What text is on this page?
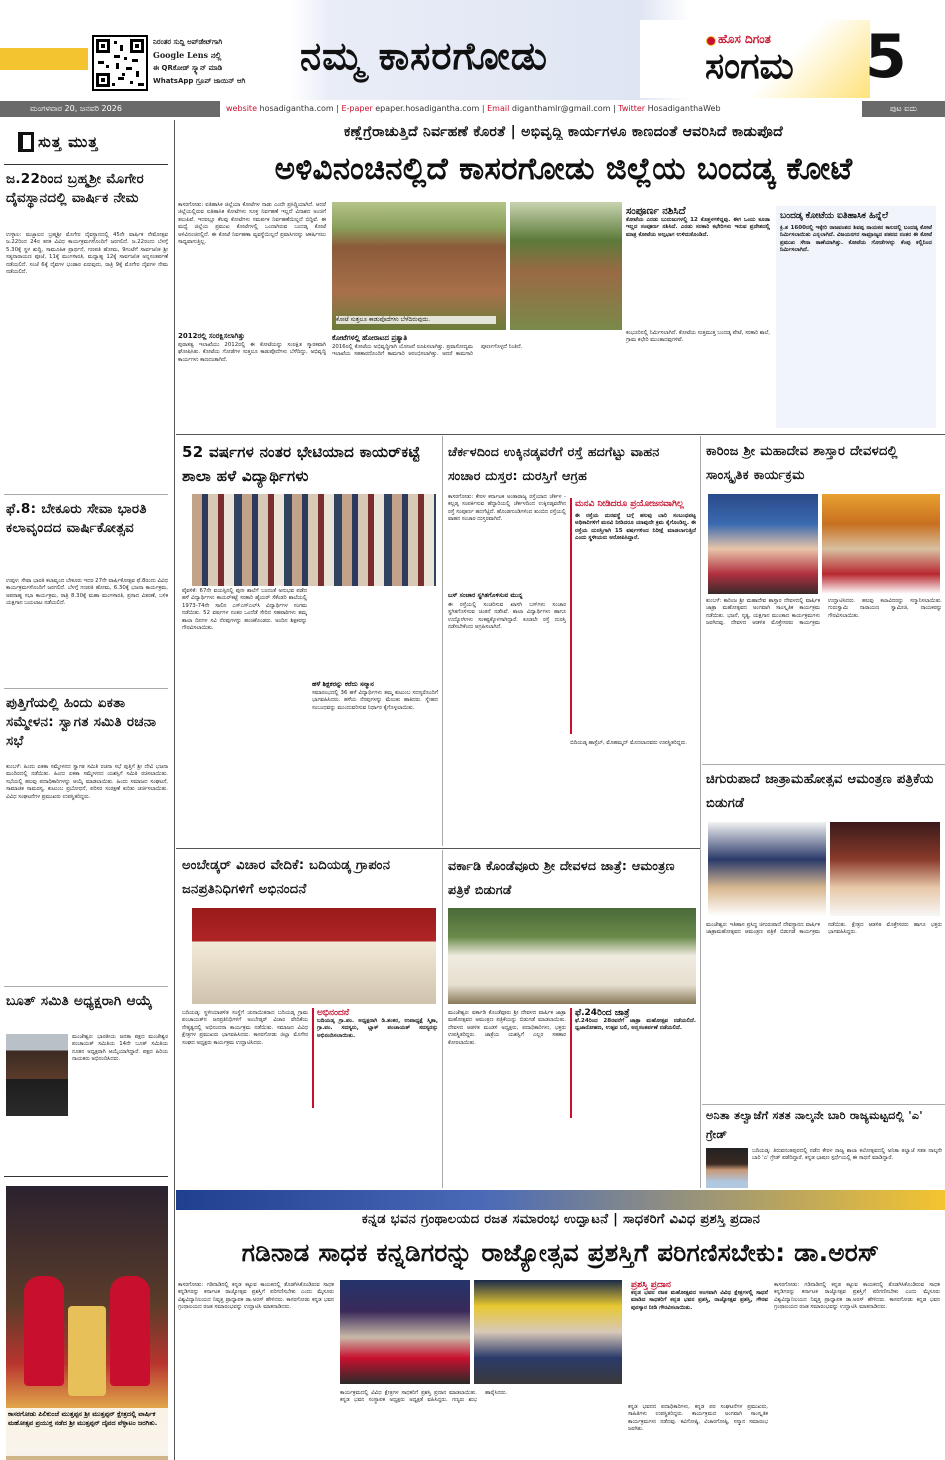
ನಿರಂತರ ಸುದ್ದಿ ಅಪ್‌ಡೇಟ್‌ಗಾಗಿ
Google Lens ನಲ್ಲಿ
ಈ QRಕೋಡ್ ಸ್ಕ್ಯಾನ್ ಮಾಡಿ
WhatsApp ಗ್ರೂಪ್ ಜಾಯಿನ್ ಆಗಿ
ನಮ್ಮ ಕಾಸರಗೋಡು	ಹೊಸ ದಿಗಂತ
ಸಂಗಮ 5
ಮಂಗಳವಾರ 20, ಜನವರಿ 2026	website hosadigantha.com | E-paper epaper.hosadigantha.com | Email diganthamlr@gmail.com | Twitter HosadiganthaWeb	ಪುಟ ಐದು
ಸುತ್ತ ಮುತ್ತ
ಜ.22ರಿಂದ ಬ್ರಹ್ಮಶ್ರೀ ಮೊಗೇರ ದೈವಸ್ಥಾನದಲ್ಲಿ ವಾರ್ಷಿಕ ನೇಮ
ಉಳ್ಳಾಲ: ಮಜ್ಜಾಲದ ಬ್ರಹ್ಮಶ್ರೀ ಮೊಗೇರ ದೈವಸ್ಥಾನದಲ್ಲಿ 45ನೇ ವಾರ್ಷಿಕ ನೇಮೋತ್ಸವ ಜ.22ರಿಂದ 24ರ ತನಕ ವಿವಿಧ ಕಾರ್ಯಕ್ರಮಗಳೊಂದಿಗೆ ಜರಗಲಿದೆ. ಜ.22ರಂದು ಬೆಳಗ್ಗೆ 5.30ಕ್ಕೆ ಸ್ಥಳ ಶುದ್ಧಿ, ಸಾಮೂಹಿಕ ಪ್ರಾರ್ಥನೆ, ಗಣಪತಿ ಹೋಮ, 9ಗಂಟೆಗೆ ಸಾರ್ವಜನಿಕ ಶ್ರೀ ಸತ್ಯನಾರಾಯಣ ಪೂಜೆ, 11ಕ್ಕೆ ಮಂಗಳಾರತಿ, ಮಧ್ಯಾಹ್ನ 12ಕ್ಕೆ ಸಾರ್ವಜನಿಕ ಅನ್ನಸಂತರ್ಪಣೆ ನಡೆಯಲಿದೆ. ಸಂಜೆ 6ಕ್ಕೆ ದೈವಗಳ ಭಂಡಾರ ಏರುವುದು, ರಾತ್ರಿ 9ಕ್ಕೆ ಮೊಗೇರ ದೈವಗಳ ನೇಮ ನಡೆಯಲಿದೆ.
ಫೆ.8: ಬೇಕೂರು ಸೇವಾ ಭಾರತಿ ಕಲಾವೃಂದದ ವಾರ್ಷಿಕೋತ್ಸವ
ಉಪ್ಪಳ: ಸೇವಾ ಭಾರತಿ ಕಲಾವೃಂದ ಬೇಕೂರು ಇದರ 27ನೇ ವಾರ್ಷಿಕೋತ್ಸವ ಫೆ.8ರಂದು ವಿವಿಧ ಕಾರ್ಯಕ್ರಮಗಳೊಂದಿಗೆ ಜರಗಲಿದೆ. ಬೆಳಗ್ಗೆ ಗಣಪತಿ ಹೋಮ, 6.30ಕ್ಕೆ ಭಜನಾ ಕಾರ್ಯಕ್ರಮ, ಅಪರಾಹ್ನ ಸಭಾ ಕಾರ್ಯಕ್ರಮ, ರಾತ್ರಿ 8.30ಕ್ಕೆ ಮಹಾ ಮಂಗಳಾರತಿ, ಪ್ರಸಾದ ವಿತರಣೆ, ಬಳಿಕ ಯಕ್ಷಗಾನ ಬಯಲಾಟ ನಡೆಯಲಿದೆ.
ಪುತ್ತಿಗೆಯಲ್ಲಿ ಹಿಂದು ಏಕತಾ ಸಮ್ಮೇಳನ: ಸ್ವಾಗತ ಸಮಿತಿ ರಚನಾ ಸಭೆ
ಕುಂಬಳೆ: ಹಿಂದು ಏಕತಾ ಸಮ್ಮೇಳನದ ಸ್ವಾಗತ ಸಮಿತಿ ರಚನಾ ಸಭೆ ಪುತ್ತಿಗೆ ಶ್ರೀ ದೇವಿ ಭಜನಾ ಮಂದಿರದಲ್ಲಿ ನಡೆಯಿತು. ಹಿಂದು ಏಕತಾ ಸಮ್ಮೇಳನದ ಯಶಸ್ಸಿಗೆ ಸಮಿತಿ ರಚಿಸಲಾಯಿತು. ಸಭೆಯಲ್ಲಿ ಹಲವು ಪದಾಧಿಕಾರಿಗಳನ್ನು ಆಯ್ಕೆ ಮಾಡಲಾಯಿತು. ಹಿಂದು ಸಮಾಜದ ಸಂಘಟನೆ, ಸಾಮಾಜಿಕ ಸಾಮರಸ್ಯ, ಕುಟುಂಬ ಪ್ರಬೋಧನೆ, ಪರಿಸರ ಸಂರಕ್ಷಣೆ ಕುರಿತು ಚರ್ಚಿಸಲಾಯಿತು. ವಿವಿಧ ಸಂಘಟನೆಗಳ ಪ್ರಮುಖರು ಉಪಸ್ಥಿತರಿದ್ದರು.
ಬೂತ್ ಸಮಿತಿ ಅಧ್ಯಕ್ಷರಾಗಿ ಆಯ್ಕೆ
ಮಂಜೇಶ್ವರ: ಭಾರತೀಯ ಜನತಾ ಪಕ್ಷದ ಮಂಜೇಶ್ವರ ಪಂಚಾಯತ್ ಸಮಿತಿಯ 14ನೇ ಬೂತ್ ಸಮಿತಿಯ ನೂತನ ಅಧ್ಯಕ್ಷರಾಗಿ ಆಯ್ಕೆಯಾಗಿದ್ದಾರೆ. ಪಕ್ಷದ ಹಿರಿಯ ನಾಯಕರು ಅಭಿನಂದಿಸಿದರು.
ಕಾಸರಗೋಡು ಪಿಲಿಕುಂಜೆ ಮುತ್ತಪ್ಪನ ಶ್ರೀ ಮುತ್ತಪ್ಪನ್ ಕ್ಷೇತ್ರದಲ್ಲಿ ವಾರ್ಷಿಕ ಮಹೋತ್ಸವ ಪ್ರಯುಕ್ತ ನಡೆದ ಶ್ರೀ ಮುತ್ತಪ್ಪನ್ ದೈವದ ವೆಳ್ಳಾಟಂ ಜರಗಿತು.
ಕಣ್ಣೆಗ್ರೆರಾಚುತ್ತಿದೆ ನಿರ್ವಹಣೆ ಕೊರತೆ | ಅಭಿವೃದ್ಧಿ ಕಾರ್ಯಗಳೂ ಕಾಣದಂತೆ ಆವರಿಸಿದೆ ಕಾಡುಪೊದೆ
ಅಳಿವಿನಂಚಿನಲ್ಲಿದೆ ಕಾಸರಗೋಡು ಜಿಲ್ಲೆಯ ಬಂದಡ್ಕ ಕೋಟೆ
ಕಾಸರಗೋಡು: ಐತಿಹಾಸಿಕ ಜಿಲ್ಲೆಯಾ ಕೋಟೆಗಳ ನಾಡು ಎಂದೇ ಪ್ರಸಿದ್ಧಿಯಾಗಿದೆ. ಆದರೆ ಜಿಲ್ಲೆಯಲ್ಲಿರುವ ಐತಿಹಾಸಿಕ ಕೋಟೆಗಳು ಸೂಕ್ತ ನಿರ್ವಹಣೆ ಇಲ್ಲದೆ ವಿನಾಶದ ಅಂಚಿಗೆ ತಲುಪಿವೆ. ಇದರಲ್ಲೂ ಕೆಲವು ಕೋಟೆಗಳು ಸಮರ್ಪಕ ನಿರ್ವಹಣೆಯಿಲ್ಲದೆ ಬಿದ್ದಿವೆ. ಈ ಮಧ್ಯೆ ಜಿಲ್ಲೆಯ ಪ್ರಮುಖ ಕೋಟೆಗಳಲ್ಲಿ ಒಂದಾಗಿರುವ ಬಂದಡ್ಕ ಕೋಟೆ ಅಳಿವಿನಂಚಿನಲ್ಲಿದೆ. ಈ ಕೋಟೆ ನಿರ್ವಹಣಾ ವ್ಯವಸ್ಥೆಯಿಲ್ಲದೆ ಪ್ರವಾಸಿಗರನ್ನು ಆಕರ್ಷಿಸಲು ಸಾಧ್ಯವಾಗುತ್ತಿಲ್ಲ.
2012ರಲ್ಲಿ ಸಂರಕ್ಷಿಸಲಾಗಿತ್ತು
ಪುರಾತತ್ವ ಇಲಾಖೆಯು 2012ರಲ್ಲಿ ಈ ಕೋಟೆಯನ್ನು ಸಂರಕ್ಷಿತ ಸ್ಮಾರಕವಾಗಿ ಘೋಷಿಸಿತು. ಕೋಟೆಯ ಗೋಡೆಗಳ ಸುತ್ತಲೂ ಕಾಡುಪೊದೆಗಳು ಬೆಳೆದಿದ್ದು, ಅಭಿವೃದ್ಧಿ ಕಾರ್ಯಗಳು ಕಾಣದಂತಾಗಿದೆ.
ಕೋಟೆ ಸುತ್ತಲೂ ಕಾಡುಪೊದೆಗಳು ಬೆಳೆದಿರುವುದು.
ಕೋಟೆಗಳಲ್ಲಿ ಹೋರಾಟದ ಪ್ರತ್ಯಾತಿ
2016ರಲ್ಲಿ ಕೋಟೆಯ ಅಭಿವೃದ್ಧಿಗಾಗಿ ಯೋಜನೆ ರೂಪಿಸಲಾಗಿತ್ತು. ಪ್ರವಾಸೋದ್ಯಮ ಇಲಾಖೆಯ ಸಹಕಾರದೊಂದಿಗೆ ಕಾಮಗಾರಿ ಆರಂಭಿಸಲಾಗಿತ್ತು. ಆದರೆ ಕಾಮಗಾರಿ ಪೂರ್ಣಗೊಳ್ಳದೆ ನಿಂತಿದೆ.
ಸಂಪೂರ್ಣ ನಶಿಸಿದೆ
ಕೋಟೆಯ ಎರಡು ಬುರುಜುಗಳಲ್ಲಿ 12 ಕೊತ್ತಳಗಳಿದ್ದವು. ಈಗ ಒಂದು ಕೂಡಾ ಇಲ್ಲದ ಸಂಪೂರ್ಣ ನಶಿಸಿದೆ. ಎರಡು ಸರಕಾರಿ ಕಛೇರಿಗಳು ಇರುವ ಪ್ರದೇಶದಲ್ಲಿ ಮಾತ್ರ ಕೋಟೆಯ ಅಲ್ಪಭಾಗ ಉಳಿದುಕೊಂಡಿದೆ.
ಕಂಭೂರಿನಲ್ಲಿ ನಿರ್ಮಿಸಲಾಗಿದೆ. ಕೋಟೆಯ ಸುತ್ತಮುತ್ತ ಬಂದಡ್ಕ ಪೇಟೆ, ಸರಕಾರಿ ಶಾಲೆ, ಗ್ರಾಮ ಕಛೇರಿ ಮುಂತಾದವುಗಳಿವೆ.
ಬಂದಡ್ಕ ಕೋಟೆಯ ಐತಿಹಾಸಿಕ ಹಿನ್ನೆಲೆ
ಕ್ರಿ.ಶ 1600ರಲ್ಲಿ ಇಕ್ಕೇರಿ ರಾಜವಂಶದ ಶಿವಪ್ಪ ನಾಯಕನ ಕಾಲದಲ್ಲಿ ಬಂದಡ್ಕ ಕೋಟೆ ನಿರ್ಮಿಸಲಾಯಿತು ಎನ್ನಲಾಗಿದೆ. ವಿಜಯನಗರ ಸಾಮ್ರಾಜ್ಯದ ಪತನದ ನಂತರ ಈ ಕೋಟೆ ಪ್ರಮುಖ ಸೇನಾ ಠಾಣೆಯಾಗಿತ್ತು. ಕೋಟೆಯ ಗೋಡೆಗಳನ್ನು ಕೆಂಪು ಕಲ್ಲಿನಿಂದ ನಿರ್ಮಿಸಲಾಗಿದೆ.
52 ವರ್ಷಗಳ ನಂತರ ಭೇಟಿಯಾದ ಕಾಯರ್‌ಕಟ್ಟೆ ಶಾಲಾ ಹಳೆ ವಿದ್ಯಾರ್ಥಿಗಳು
ಪೈವಳಿಕೆ: 67ನೇ ವಯಸ್ಸಿನಲ್ಲಿ ಪುನಃ ಶಾಲೆಗೆ ಬಂದಂತೆ ಅನುಭವ ಪಡೆದ ಹಳೆ ವಿದ್ಯಾರ್ಥಿಗಳು ಕಾಯರ್‌ಕಟ್ಟೆ ಸರಕಾರಿ ಹೈಯರ್ ಸೆಕೆಂಡರಿ ಶಾಲೆಯಲ್ಲಿ 1973-74ನೇ ಸಾಲಿನ ಎಸ್ಎಸ್ಎಲ್‌ಸಿ ವಿದ್ಯಾರ್ಥಿಗಳ ಸಂಗಮ ನಡೆಯಿತು. 52 ವರ್ಷಗಳ ನಂತರ ಒಂದೆಡೆ ಸೇರಿದ ಸಹಪಾಠಿಗಳು ತಮ್ಮ ಶಾಲಾ ದಿನಗಳ ಸವಿ ನೆನಪುಗಳನ್ನು ಹಂಚಿಕೊಂಡರು. ಅಂದಿನ ಶಿಕ್ಷಕರನ್ನು ಗೌರವಿಸಲಾಯಿತು.
ಹಳೆ ಶಿಕ್ಷಕರನ್ನು ಕರೆದು ಸನ್ಮಾನ
ಸಮಾರಂಭದಲ್ಲಿ 36 ಹಳೆ ವಿದ್ಯಾರ್ಥಿಗಳು ತಮ್ಮ ಕುಟುಂಬ ಸದಸ್ಯರೊಂದಿಗೆ ಭಾಗವಹಿಸಿದರು. ಹಳೆಯ ನೆನಪುಗಳನ್ನು ಮೆಲುಕು ಹಾಕಿದರು. ಸ್ನೇಹದ ಸಂಬಂಧವನ್ನು ಮುಂದುವರಿಸುವ ನಿರ್ಧಾರ ಕೈಗೊಳ್ಳಲಾಯಿತು.
ಚೆರ್ಕಳದಿಂದ ಉಕ್ಕಿನಡ್ಕವರೆಗೆ ರಸ್ತೆ ಹದಗೆಟ್ಟು ವಾಹನ ಸಂಚಾರ ದುಸ್ತರ: ದುರಸ್ತಿಗೆ ಆಗ್ರಹ
ಕಾಸರಗೋಡು: ಕೇರಳ ಕರ್ನಾಟಕ ಅಂತಾರಾಜ್ಯ ರಸ್ತೆಯಾದ ಚೆರ್ಕಳ - ಕಲ್ಲಡ್ಕ ಸಂಪರ್ಕಿಸುವ ಹೆದ್ದಾರಿಯಲ್ಲಿ ಚೆರ್ಕಳದಿಂದ ಉಕ್ಕಿನಡ್ಕವರೆಗಿನ ರಸ್ತೆ ಸಂಪೂರ್ಣ ಹದಗೆಟ್ಟಿದೆ. ಹೊಂಡಗುಂಡಿಗಳಿಂದ ತುಂಬಿದ ರಸ್ತೆಯಲ್ಲಿ ವಾಹನ ಸಂಚಾರ ದುಸ್ತರವಾಗಿದೆ.
ಬಸ್ ಸಂಚಾರ ಸ್ಥಗಿತಗೊಳಿಸುವ ಮುನ್ನ
ಈ ರಸ್ತೆಯಲ್ಲಿ ಸಂಚರಿಸುವ ಖಾಸಗಿ ಬಸ್‌ಗಳು ಸಂಚಾರ ಸ್ಥಗಿತಗೊಳಿಸುವ ಚಿಂತನೆ ನಡೆಸಿವೆ. ಶಾಲಾ ವಿದ್ಯಾರ್ಥಿಗಳು ಹಾಗೂ ಉದ್ಯೋಗಿಗಳು ಸಂಕಷ್ಟಕ್ಕೊಳಗಾಗಿದ್ದಾರೆ. ಕೂಡಲೇ ರಸ್ತೆ ದುರಸ್ತಿ ನಡೆಸಬೇಕೆಂದು ಆಗ್ರಹಿಸಲಾಗಿದೆ.
ಮನವಿ ನೀಡಿದರೂ ಪ್ರಯೋಜನವಾಗಿಲ್ಲ
ಈ ರಸ್ತೆಯ ದುರವಸ್ಥೆ ಬಗ್ಗೆ ಹಲವು ಬಾರಿ ಸಂಬಂಧಪಟ್ಟ ಅಧಿಕಾರಿಗಳಿಗೆ ಮನವಿ ನೀಡಿದರೂ ಯಾವುದೇ ಕ್ರಮ ಕೈಗೊಂಡಿಲ್ಲ. ಈ ರಸ್ತೆಯ ದುರಸ್ತಿಗಾಗಿ 15 ವರ್ಷಗಳಿಂದ ನಿರೀಕ್ಷೆ ಮಾಡಲಾಗುತ್ತಿದೆ ಎಂದು ಸ್ಥಳೀಯರು ಆರೋಪಿಸಿದ್ದಾರೆ.
ಬಿದಿಯಡ್ಕ ಹಾಸ್ಟೆಲ್, ಮೊಹಮ್ಮದ್ ಮೊದಲಾದವರು ಉಪಸ್ಥಿತರಿದ್ದರು.
ಕಾರಿಂಜ ಶ್ರೀ ಮಹಾದೇವ ಶಾಸ್ತಾರ ದೇವಳದಲ್ಲಿ ಸಾಂಸ್ಕೃತಿಕ ಕಾರ್ಯಕ್ರಮ
ಕುಂಬಳೆ: ಕಾರಿಂಜ ಶ್ರೀ ಮಹಾದೇವ ಶಾಸ್ತಾರ ದೇವಳದಲ್ಲಿ ವಾರ್ಷಿಕ ಜಾತ್ರಾ ಮಹೋತ್ಸವದ ಅಂಗವಾಗಿ ಸಾಂಸ್ಕೃತಿಕ ಕಾರ್ಯಕ್ರಮ ನಡೆಯಿತು. ಭಜನೆ, ನೃತ್ಯ, ಯಕ್ಷಗಾನ ಮುಂತಾದ ಕಾರ್ಯಕ್ರಮಗಳು ಜರಗಿದವು. ದೇವಳದ ಆಡಳಿತ ಮೊಕ್ತೇಸರರು ಕಾರ್ಯಕ್ರಮ ಉದ್ಘಾಟಿಸಿದರು. ಹಲವು ಕಲಾವಿದರನ್ನು ಸನ್ಮಾನಿಸಲಾಯಿತು. ಗುರುಸ್ವಾಮಿ ನಾರಾಯಣ ಸ್ವಾಮೀಜಿ, ನಾಯಕರನ್ನು ಗೌರವಿಸಲಾಯಿತು.
ಚಿಗುರುಪಾದೆ ಜಾತ್ರಾಮಹೋತ್ಸವ ಆಮಂತ್ರಣ ಪತ್ರಿಕೆಯ ಬಿಡುಗಡೆ
ಅಂಬೇಡ್ಕರ್ ವಿಚಾರ ವೇದಿಕೆ: ಬದಿಯಡ್ಕ ಗ್ರಾಪಂನ ಜನಪ್ರತಿನಿಧಿಗಳಿಗೆ ಅಭಿನಂದನೆ
ಬದಿಯಡ್ಕ: ಸ್ಥಳೀಯಾಡಳಿತ ಸಂಸ್ಥೆಗೆ ಚುನಾಯಿತರಾದ ಬದಿಯಡ್ಕ ಗ್ರಾಮ ಪಂಚಾಯತ್‌ನ ಜನಪ್ರತಿನಿಧಿಗಳಿಗೆ ಅಂಬೇಡ್ಕರ್ ವಿಚಾರ ವೇದಿಕೆಯ ನೇತೃತ್ವದಲ್ಲಿ ಅಭಿನಂದನಾ ಕಾರ್ಯಕ್ರಮ ನಡೆಯಿತು. ಸಮಾಜದ ವಿವಿಧ ಕ್ಷೇತ್ರಗಳ ಪ್ರಮುಖರು ಭಾಗವಹಿಸಿದರು. ಕಾಸರಗೋಡು ಜಿಲ್ಲಾ ಮೊಗೇರ ಸಂಘದ ಅಧ್ಯಕ್ಷರು ಕಾರ್ಯಕ್ರಮ ಉದ್ಘಾಟಿಸಿದರು.
ಅಭಿನಂದನೆ
ಬದಿಯಡ್ಕ ಗ್ರಾ.ಪಂ. ಅಧ್ಯಕ್ಷರಾಗಿ ಡಿ.ಶಂಕರ, ಉಪಾಧ್ಯಕ್ಷೆ ಸ್ಮಿತಾ, ಗ್ರಾ.ಪಂ. ಸದಸ್ಯರು, ಬ್ಲಾಕ್ ಪಂಚಾಯತ್ ಸದಸ್ಯರನ್ನು ಅಭಿನಂದಿಸಲಾಯಿತು.
ವರ್ಕಾಡಿ ಕೊಂಡೆವೂರು ಶ್ರೀ ದೇವಳದ ಜಾತ್ರೆ: ಆಮಂತ್ರಣ ಪತ್ರಿಕೆ ಬಿಡುಗಡೆ
ಮಂಜೇಶ್ವರ: ವರ್ಕಾಡಿ ಕೊಂಡೆವೂರು ಶ್ರೀ ದೇವಳದ ವಾರ್ಷಿಕ ಜಾತ್ರಾ ಮಹೋತ್ಸವದ ಆಮಂತ್ರಣ ಪತ್ರಿಕೆಯನ್ನು ಬಿಡುಗಡೆ ಮಾಡಲಾಯಿತು. ದೇವಳದ ಆಡಳಿತ ಮಂಡಳಿ ಅಧ್ಯಕ್ಷರು, ಪದಾಧಿಕಾರಿಗಳು, ಭಕ್ತರು ಉಪಸ್ಥಿತರಿದ್ದರು. ಜಾತ್ರೆಯ ಯಶಸ್ವಿಗೆ ಎಲ್ಲರ ಸಹಕಾರ ಕೋರಲಾಯಿತು.
ಫೆ.24ರಿಂದ ಜಾತ್ರೆ
ಫೆ.24ರಿಂದ 28ರವರೆಗೆ ಜಾತ್ರಾ ಮಹೋತ್ಸವ ನಡೆಯಲಿದೆ. ಧ್ವಜಾರೋಹಣ, ಉತ್ಸವ ಬಲಿ, ಅನ್ನಸಂತರ್ಪಣೆ ನಡೆಯಲಿದೆ.
ಮಂಜೇಶ್ವರ: ಇತಿಹಾಸ ಪ್ರಸಿದ್ಧ ಚಿಗುರುಪಾದೆ ದೇವಸ್ಥಾನದ ವಾರ್ಷಿಕ ಜಾತ್ರಾಮಹೋತ್ಸವದ ಆಮಂತ್ರಣ ಪತ್ರಿಕೆ ಬಿಡುಗಡೆ ಕಾರ್ಯಕ್ರಮ ನಡೆಯಿತು. ಕ್ಷೇತ್ರದ ಆಡಳಿತ ಮೊಕ್ತೇಸರರು ಹಾಗೂ ಭಕ್ತರು ಭಾಗವಹಿಸಿದ್ದರು.
ಅನಿತಾ ತಲ್ವಾಜೆಗೆ ಸತತ ನಾಲ್ಕನೇ ಬಾರಿ ರಾಜ್ಯಮಟ್ಟದಲ್ಲಿ 'ಎ' ಗ್ರೇಡ್
ಬದಿಯಡ್ಕ: ತಿರುವನಂತಪುರದಲ್ಲಿ ನಡೆದ ಕೇರಳ ರಾಜ್ಯ ಶಾಲಾ ಕಲೋತ್ಸವದಲ್ಲಿ ಅನಿತಾ ತಲ್ವಾಜೆ ಸತತ ನಾಲ್ಕನೇ ಬಾರಿ 'ಎ' ಗ್ರೇಡ್ ಪಡೆದಿದ್ದಾರೆ. ಕನ್ನಡ ಭಾಷಣ ಸ್ಪರ್ಧೆಯಲ್ಲಿ ಈ ಸಾಧನೆ ಮಾಡಿದ್ದಾರೆ.
ಕನ್ನಡ ಭವನ ಗ್ರಂಥಾಲಯದ ರಜತ ಸಮಾರಂಭ ಉದ್ಘಾಟನೆ | ಸಾಧಕರಿಗೆ ವಿವಿಧ ಪ್ರಶಸ್ತಿ ಪ್ರದಾನ
ಗಡಿನಾಡ ಸಾಧಕ ಕನ್ನಡಿಗರನ್ನು ರಾಜ್ಯೋತ್ಸವ ಪ್ರಶಸ್ತಿಗೆ ಪರಿಗಣಿಸಬೇಕು: ಡಾ.ಅರಸ್
ಕಾಸರಗೋಡು: ಗಡಿನಾಡಿನಲ್ಲಿ ಕನ್ನಡ ಕಟ್ಟುವ ಕಾಯಕದಲ್ಲಿ ತೊಡಗಿಸಿಕೊಂಡಿರುವ ಸಾಧಕ ಕನ್ನಡಿಗರನ್ನು ಕರ್ನಾಟಕ ರಾಜ್ಯೋತ್ಸವ ಪ್ರಶಸ್ತಿಗೆ ಪರಿಗಣಿಸಬೇಕು ಎಂದು ಮೈಸೂರು ವಿಶ್ವವಿದ್ಯಾನಿಲಯದ ನಿವೃತ್ತ ಪ್ರಾಧ್ಯಾಪಕ ಡಾ.ಅರಸ್ ಹೇಳಿದರು. ಕಾಸರಗೋಡು ಕನ್ನಡ ಭವನ ಗ್ರಂಥಾಲಯದ ರಜತ ಸಮಾರಂಭವನ್ನು ಉದ್ಘಾಟಿಸಿ ಮಾತನಾಡಿದರು.
ಕಾರ್ಯಕ್ರಮದಲ್ಲಿ ವಿವಿಧ ಕ್ಷೇತ್ರಗಳ ಸಾಧಕರಿಗೆ ಪ್ರಶಸ್ತಿ ಪ್ರದಾನ ಮಾಡಲಾಯಿತು. ಕನ್ನಡ ಭವನ ಸಂಸ್ಥಾಪಕ ಅಧ್ಯಕ್ಷರು ಅಧ್ಯಕ್ಷತೆ ವಹಿಸಿದ್ದರು. ಗಣ್ಯರು ಶುಭ ಹಾರೈಸಿದರು.
ಪ್ರಶಸ್ತಿ ಪ್ರದಾನ
ಕನ್ನಡ ಭವನ ರಜತ ಮಹೋತ್ಸವದ ಅಂಗವಾಗಿ ವಿವಿಧ ಕ್ಷೇತ್ರಗಳಲ್ಲಿ ಸಾಧನೆ ಮಾಡಿದ ಸಾಧಕರಿಗೆ ಕನ್ನಡ ಭವನ ಪ್ರಶಸ್ತಿ, ರಾಜ್ಯೋತ್ಸವ ಪ್ರಶಸ್ತಿ, ಗೌರವ ಪುರಸ್ಕಾರ ನೀಡಿ ಗೌರವಿಸಲಾಯಿತು.
ಕನ್ನಡ ಭವನದ ಪದಾಧಿಕಾರಿಗಳು, ಕನ್ನಡ ಪರ ಸಂಘಟನೆಗಳ ಪ್ರಮುಖರು, ಸಾಹಿತಿಗಳು ಉಪಸ್ಥಿತರಿದ್ದರು. ಕಾರ್ಯಕ್ರಮದ ಅಂಗವಾಗಿ ಸಾಂಸ್ಕೃತಿಕ ಕಾರ್ಯಕ್ರಮಗಳು ನಡೆದವು. ಕವಿಗೋಷ್ಠಿ, ವಿಚಾರಗೋಷ್ಠಿ, ಸನ್ಮಾನ ಸಮಾರಂಭ ಜರಗಿತು.
ಕಾಸರಗೋಡು: ಗಡಿನಾಡಿನಲ್ಲಿ ಕನ್ನಡ ಕಟ್ಟುವ ಕಾಯಕದಲ್ಲಿ ತೊಡಗಿಸಿಕೊಂಡಿರುವ ಸಾಧಕ ಕನ್ನಡಿಗರನ್ನು ಕರ್ನಾಟಕ ರಾಜ್ಯೋತ್ಸವ ಪ್ರಶಸ್ತಿಗೆ ಪರಿಗಣಿಸಬೇಕು ಎಂದು ಮೈಸೂರು ವಿಶ್ವವಿದ್ಯಾನಿಲಯದ ನಿವೃತ್ತ ಪ್ರಾಧ್ಯಾಪಕ ಡಾ.ಅರಸ್ ಹೇಳಿದರು. ಕಾಸರಗೋಡು ಕನ್ನಡ ಭವನ ಗ್ರಂಥಾಲಯದ ರಜತ ಸಮಾರಂಭವನ್ನು ಉದ್ಘಾಟಿಸಿ ಮಾತನಾಡಿದರು.
